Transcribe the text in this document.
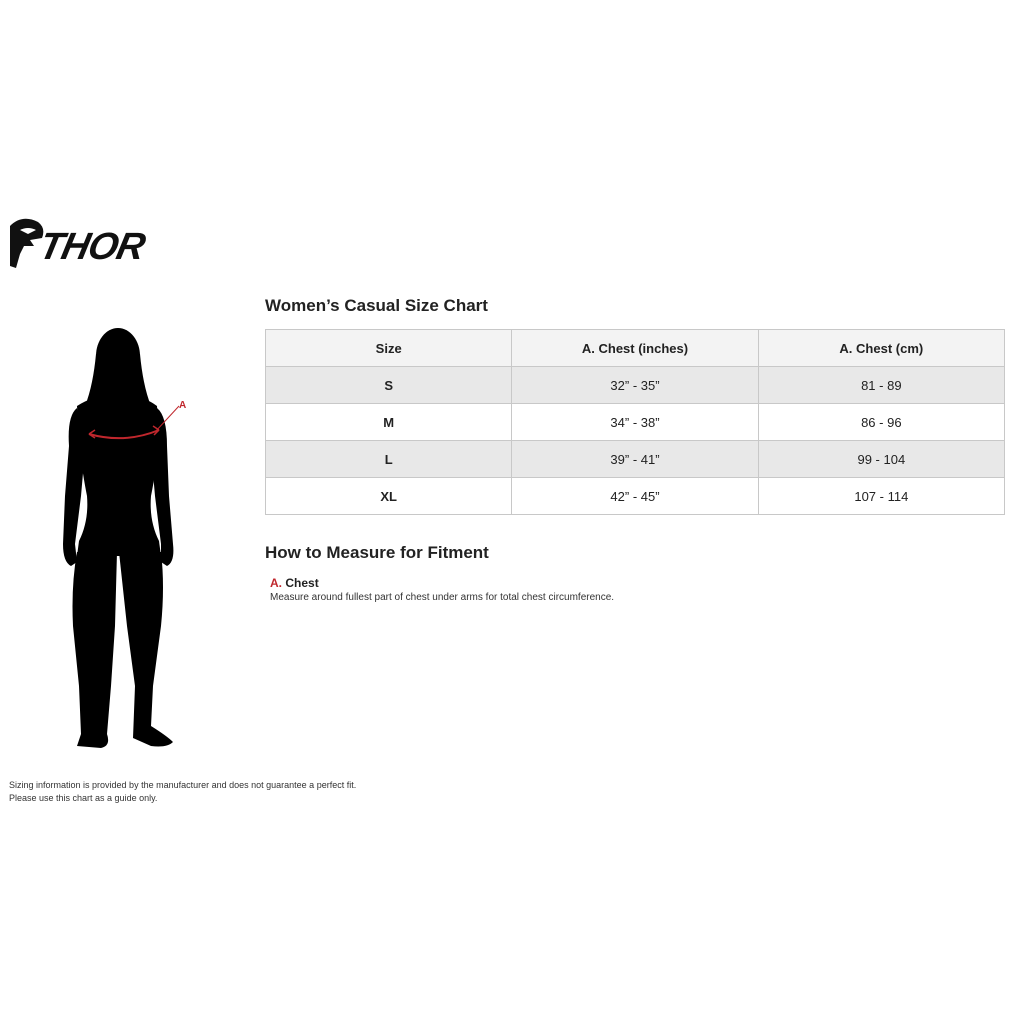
THOR
A
Women’s Casual Size Chart
Size	A. Chest (inches)	A. Chest (cm)
S	32” - 35”	81 - 89
M	34” - 38”	86 - 96
L	39” - 41”	99 - 104
XL	42” - 45”	107 - 114
How to Measure for Fitment
A. Chest
Measure around fullest part of chest under arms for total chest circumference.
Sizing information is provided by the manufacturer and does not guarantee a perfect fit.
Please use this chart as a guide only.
